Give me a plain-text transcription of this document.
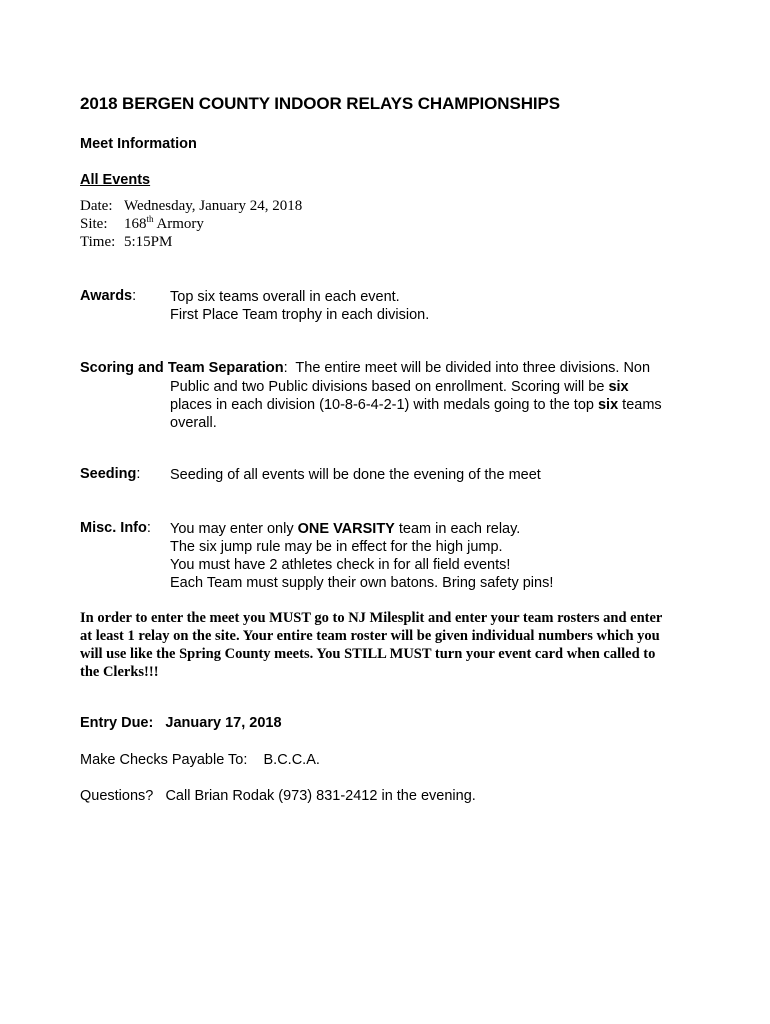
2018 BERGEN COUNTY INDOOR RELAYS CHAMPIONSHIPS
Meet Information
All Events
Date: Wednesday, January 24, 2018
Site: 168th Armory
Time: 5:15PM
Awards: Top six teams overall in each event.
First Place Team trophy in each division.
Scoring and Team Separation: The entire meet will be divided into three divisions. Non
Public and two Public divisions based on enrollment. Scoring will be six
places in each division (10-8-6-4-2-1) with medals going to the top six teams
overall.
Seeding: Seeding of all events will be done the evening of the meet
Misc. Info: You may enter only ONE VARSITY team in each relay.
The six jump rule may be in effect for the high jump.
You must have 2 athletes check in for all field events!
Each Team must supply their own batons. Bring safety pins!
In order to enter the meet you MUST go to NJ Milesplit and enter your team rosters and enter
at least 1 relay on the site. Your entire team roster will be given individual numbers which you
will use like the Spring County meets. You STILL MUST turn your event card when called to
the Clerks!!!
Entry Due: January 17, 2018
Make Checks Payable To: B.C.C.A.
Questions? Call Brian Rodak (973) 831-2412 in the evening.
